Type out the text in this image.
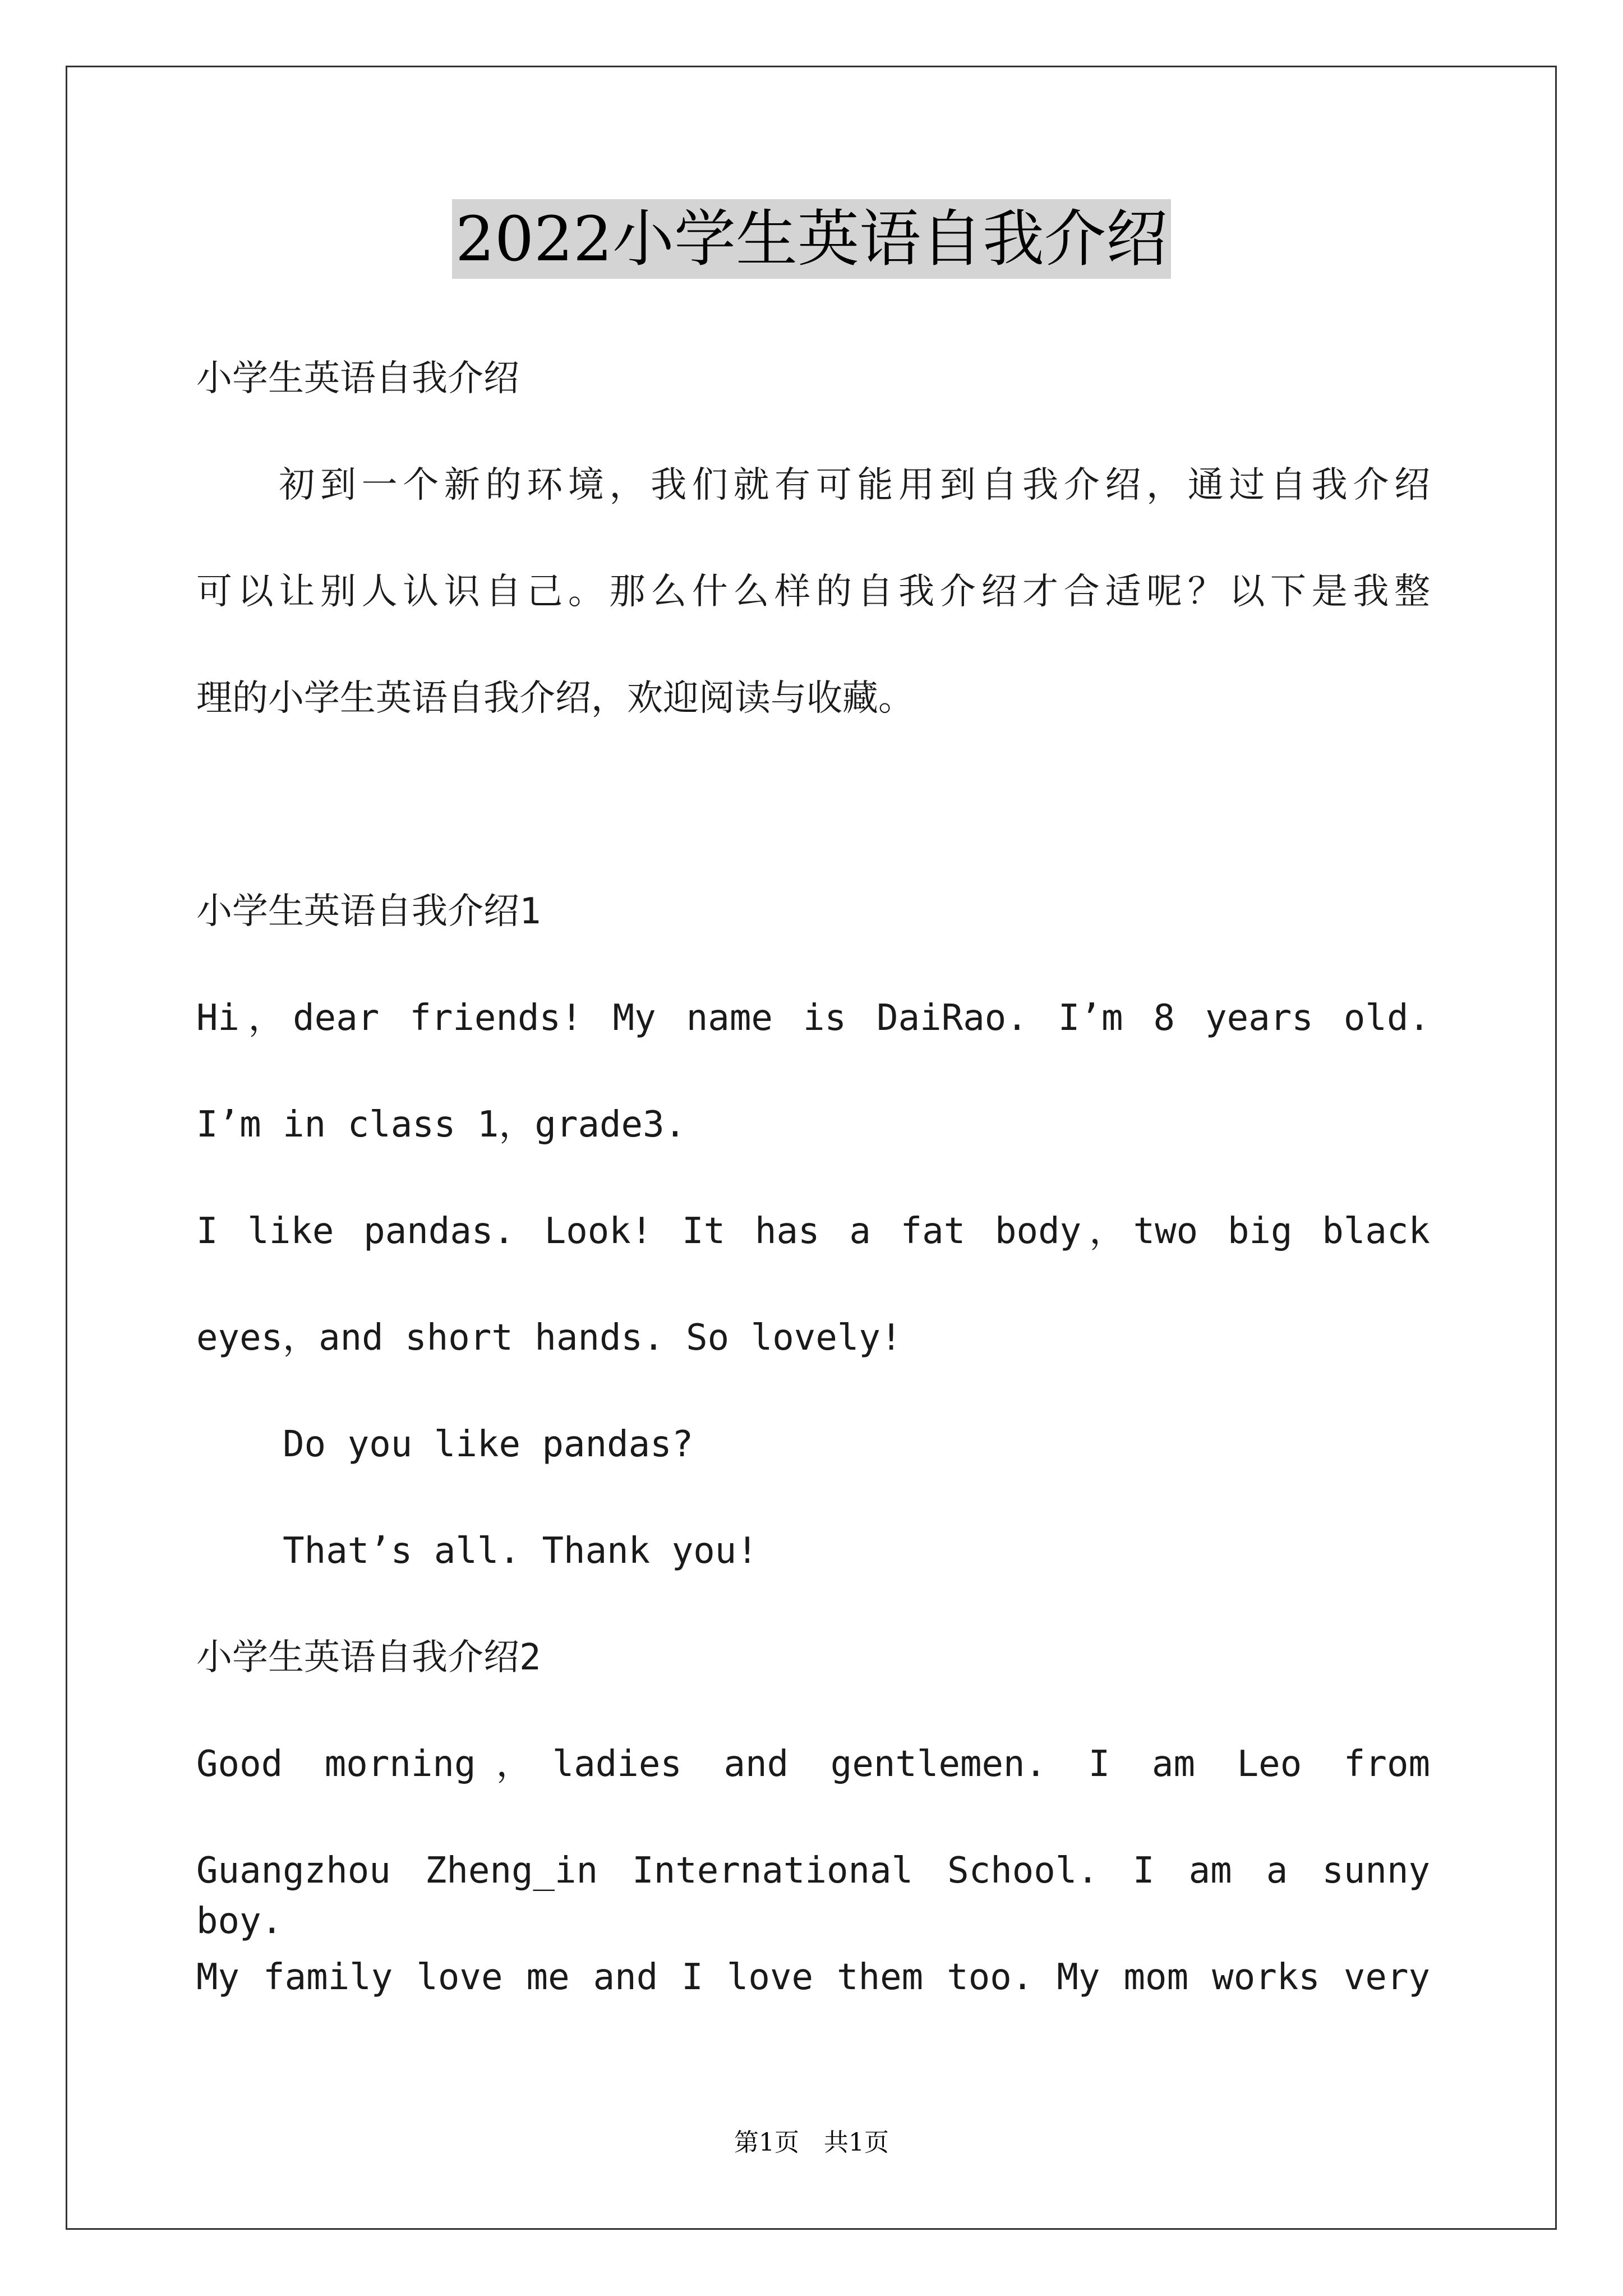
2022小学生英语自我介绍
小学生英语自我介绍
　　初到一个新的环境，我们就有可能用到自我介绍，通过自我介绍
可以让别人认识自己。那么什么样的自我介绍才合适呢？以下是我整
理的小学生英语自我介绍，欢迎阅读与收藏。
小学生英语自我介绍1
Hi，dear friends! My name is DaiRao. I’m 8 years old.
I’m in class 1，grade3.
I like pandas. Look! It has a fat body，two big black
eyes，and short hands. So lovely!
Do you like pandas?
That’s all. Thank you!
小学生英语自我介绍2
Good morning，ladies and gentlemen. I am Leo from
Guangzhou Zheng_in International School. I am a sunny boy.
My family love me and I love them too. My mom works very
第1页　共1页
